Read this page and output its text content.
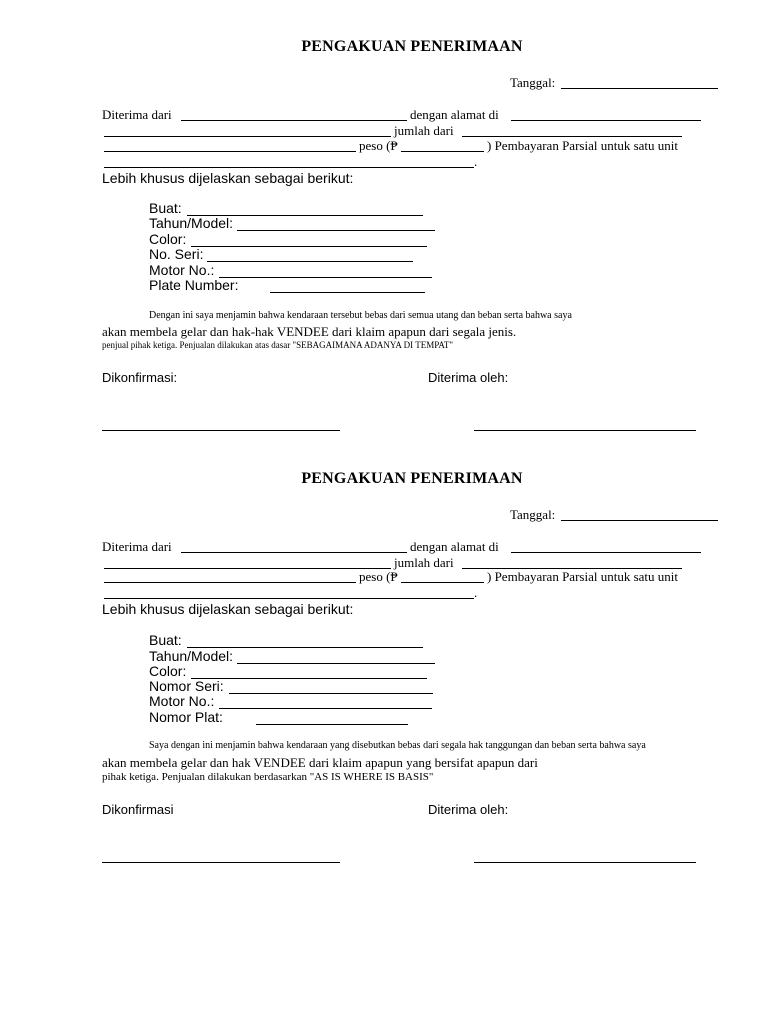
PENGAKUAN PENERIMAAN
Tanggal:
Diterima dari	dengan alamat di
jumlah dari
peso (₱	) Pembayaran Parsial untuk satu unit
.
Lebih khusus dijelaskan sebagai berikut:
Buat:
Tahun/Model:
Color:
No. Seri:
Motor No.:
Plate Number:
Dengan ini saya menjamin bahwa kendaraan tersebut bebas dari semua utang dan beban serta bahwa saya
akan membela gelar dan hak-hak VENDEE dari klaim apapun dari segala jenis.
penjual pihak ketiga. Penjualan dilakukan atas dasar "SEBAGAIMANA ADANYA DI TEMPAT"
Dikonfirmasi:	Diterima oleh:
PENGAKUAN PENERIMAAN
Tanggal:
Diterima dari	dengan alamat di
jumlah dari
peso (₱	) Pembayaran Parsial untuk satu unit
.
Lebih khusus dijelaskan sebagai berikut:
Buat:
Tahun/Model:
Color:
Nomor Seri:
Motor No.:
Nomor Plat:
Saya dengan ini menjamin bahwa kendaraan yang disebutkan bebas dari segala hak tanggungan dan beban serta bahwa saya
akan membela gelar dan hak VENDEE dari klaim apapun yang bersifat apapun dari
pihak ketiga. Penjualan dilakukan berdasarkan "AS IS WHERE IS BASIS"
Dikonfirmasi	Diterima oleh:
